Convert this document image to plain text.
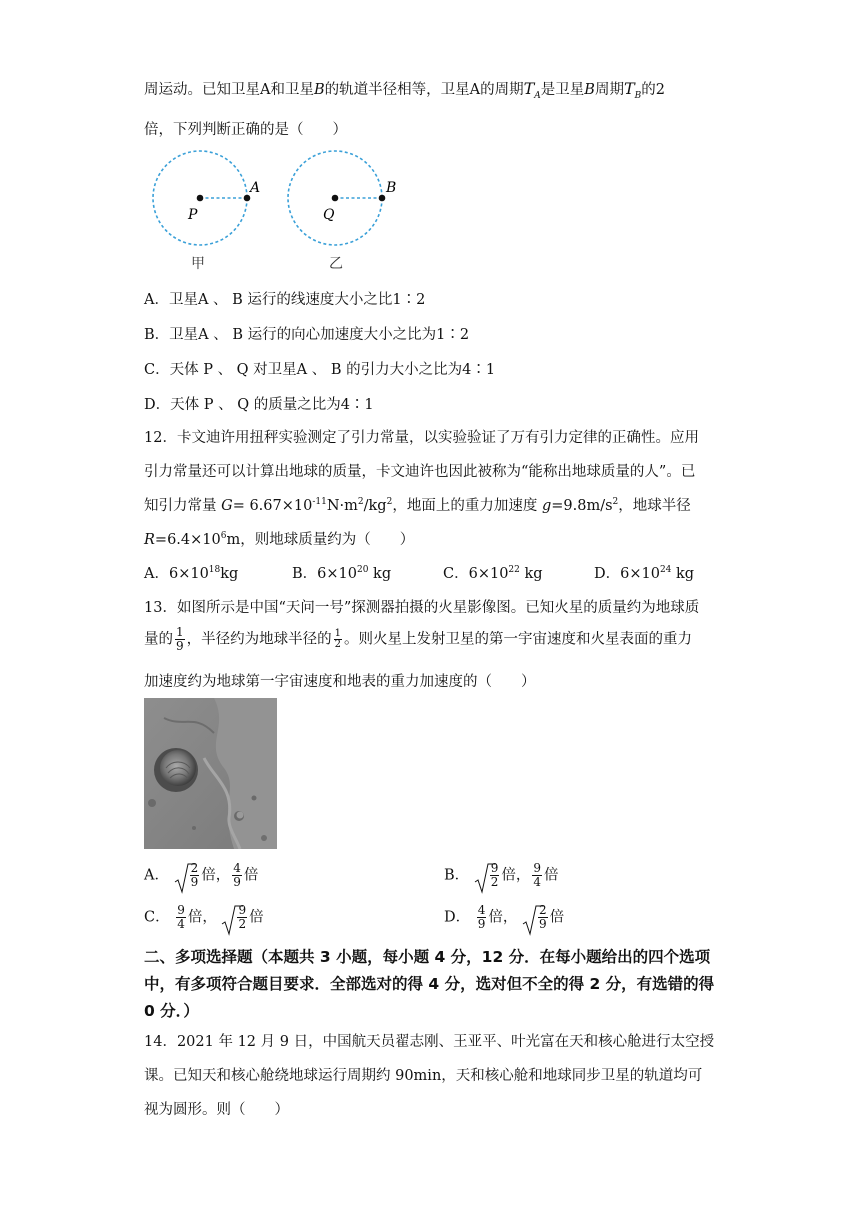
周运动。已知卫星A和卫星B的轨道半径相等，卫星A的周期$T_A$是卫星B周期$T_B$的2
倍，下列判断正确的是（　　）
P
A
甲
Q
B
乙
A．卫星A 、 B 运行的线速度大小之比1∶2
B．卫星A 、 B 运行的向心加速度大小之比为1∶2
C．天体 P 、 Q 对卫星A 、 B 的引力大小之比为4∶1
D．天体 P 、 Q 的质量之比为4∶1
12．卡文迪许用扭秤实验测定了引力常量，以实验验证了万有引力定律的正确性。应用
引力常量还可以计算出地球的质量，卡文迪许也因此被称为“能称出地球质量的人”。已
知引力常量 $G= 6.67\times 10^{-11}N\cdot m^2/kg^2$，地面上的重力加速度 $g=9.8m/s^2$，地球半径
$R=6.4\times 10^6m$，则地球质量约为（　　）
A．$6\times 10^{18}kg$	B．$6\times 10^{20}$ kg	C．$6\times 10^{22}$ kg	D．$6\times 10^{24}$ kg
13．如图所示是中国“天问一号”探测器拍摄的火星影像图。已知火星的质量约为地球质
量的 $\frac{1}{9}$ ，半径约为地球半径的 $\frac{1}{2}$ 。则火星上发射卫星的第一宇宙速度和火星表面的重力
加速度约为地球第一宇宙速度和地表的重力加速度的（　　）
A． $\frac{2}{9}$ 倍， $\frac{4}{9}$ 倍	B． $\frac{9}{2}$ 倍， $\frac{9}{4}$ 倍
C． $\frac{9}{4}$ 倍， $\frac{9}{2}$ 倍	D． $\frac{4}{9}$ 倍， $\frac{2}{9}$ 倍
二、多项选择题（本题共 3 小题，每小题 4 分，12 分．在每小题给出的四个选项中，有多项符合题目要求．全部选对的得 4 分，选对但不全的得 2 分，有选错的得 0 分．）
14．2021 年 12 月 9 日，中国航天员翟志刚、王亚平、叶光富在天和核心舱进行太空授
课。已知天和核心舱绕地球运行周期约 90min，天和核心舱和地球同步卫星的轨道均可
视为圆形。则（　　）
